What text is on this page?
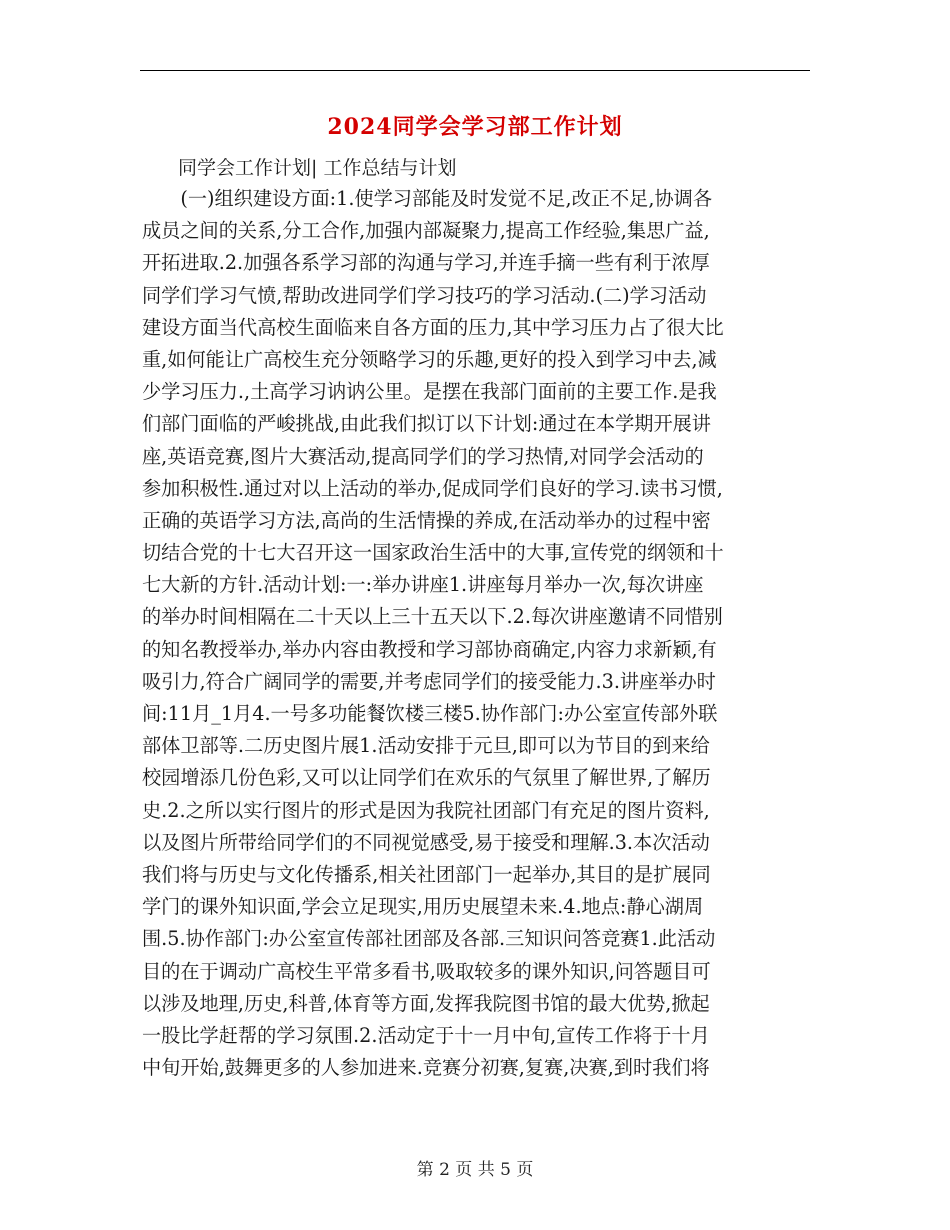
2024同学会学习部工作计划
同学会工作计划| 工作总结与计划
　　(一)组织建设方面:1.使学习部能及时发觉不足,改正不足,协调各
成员之间的关系,分工合作,加强内部凝聚力,提高工作经验,集思广益,
开拓进取.2.加强各系学习部的沟通与学习,并连手摘一些有利于浓厚
同学们学习气愤,帮助改进同学们学习技巧的学习活动.(二)学习活动
建设方面当代高校生面临来自各方面的压力,其中学习压力占了很大比
重,如何能让广高校生充分领略学习的乐趣,更好的投入到学习中去,减
少学习压力.,土高学习讷讷公里。是摆在我部门面前的主要工作.是我
们部门面临的严峻挑战,由此我们拟订以下计划:通过在本学期开展讲
座,英语竞赛,图片大赛活动,提高同学们的学习热情,对同学会活动的
参加积极性.通过对以上活动的举办,促成同学们良好的学习.读书习惯,
正确的英语学习方法,高尚的生活情操的养成,在活动举办的过程中密
切结合党的十七大召开这一国家政治生活中的大事,宣传党的纲领和十
七大新的方针.活动计划:一:举办讲座1.讲座每月举办一次,每次讲座
的举办时间相隔在二十天以上三十五天以下.2.每次讲座邀请不同惜别
的知名教授举办,举办内容由教授和学习部协商确定,内容力求新颖,有
吸引力,符合广阔同学的需要,并考虑同学们的接受能力.3.讲座举办时
间:11月_1月4.一号多功能餐饮楼三楼5.协作部门:办公室宣传部外联
部体卫部等.二历史图片展1.活动安排于元旦,即可以为节目的到来给
校园增添几份色彩,又可以让同学们在欢乐的气氛里了解世界,了解历
史.2.之所以实行图片的形式是因为我院社团部门有充足的图片资料,
以及图片所带给同学们的不同视觉感受,易于接受和理解.3.本次活动
我们将与历史与文化传播系,相关社团部门一起举办,其目的是扩展同
学门的课外知识面,学会立足现实,用历史展望未来.4.地点:静心湖周
围.5.协作部门:办公室宣传部社团部及各部.三知识问答竞赛1.此活动
目的在于调动广高校生平常多看书,吸取较多的课外知识,问答题目可
以涉及地理,历史,科普,体育等方面,发挥我院图书馆的最大优势,掀起
一股比学赶帮的学习氛围.2.活动定于十一月中旬,宣传工作将于十月
中旬开始,鼓舞更多的人参加进来.竞赛分初赛,复赛,决赛,到时我们将
第 2 页 共 5 页
